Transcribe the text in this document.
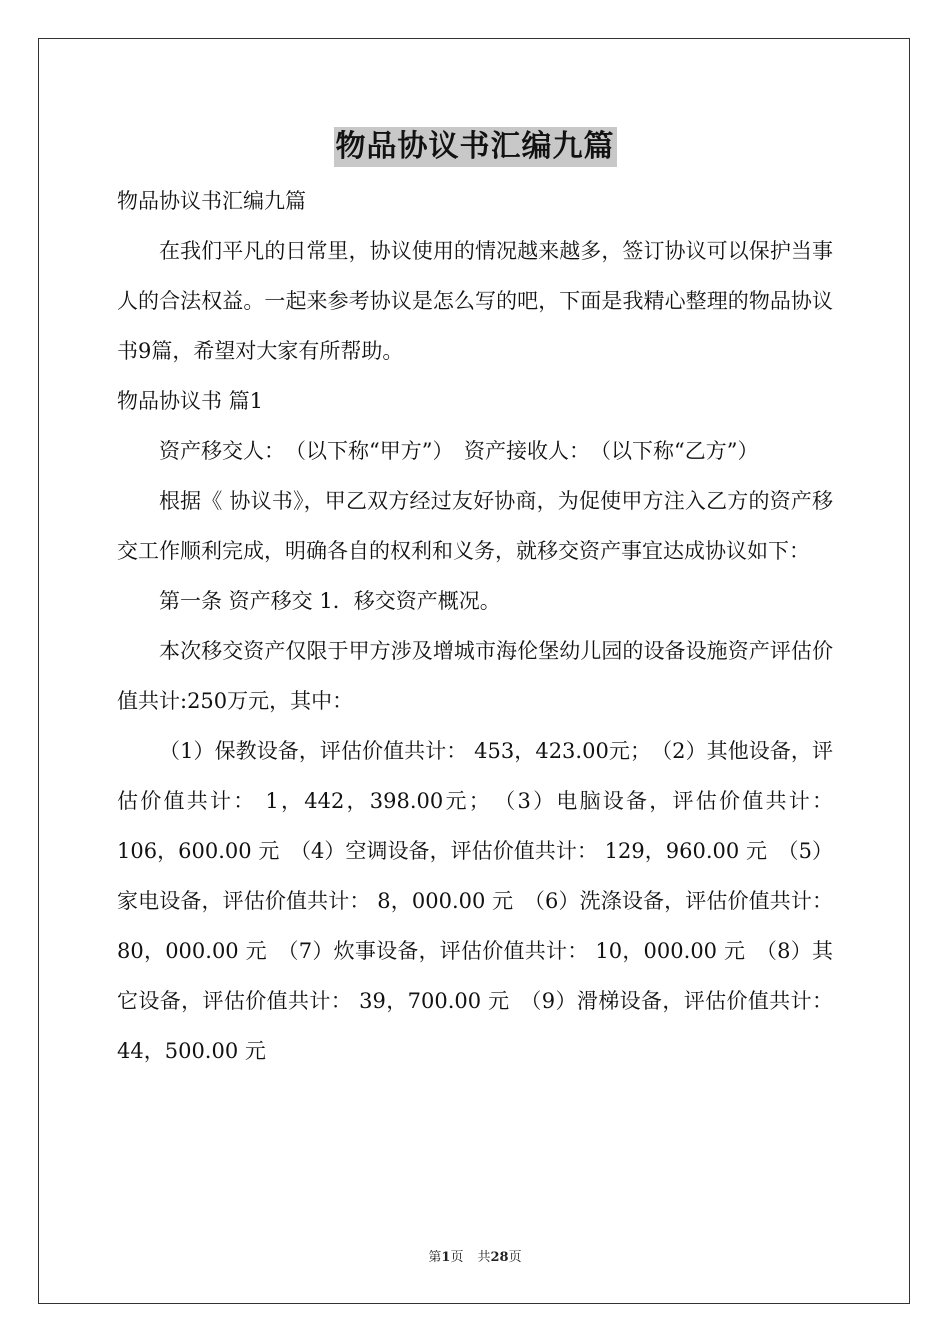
物品协议书汇编九篇

物品协议书汇编九篇

在我们平凡的日常里，协议使用的情况越来越多，签订协议可以保护当事人的合法权益。一起来参考协议是怎么写的吧，下面是我精心整理的物品协议书9篇，希望对大家有所帮助。

物品协议书 篇1

资产移交人：　（以下称“甲方”）　资产接收人：　（以下称“乙方”）

根据《 协议书》，甲乙双方经过友好协商，为促使甲方注入乙方的资产移交工作顺利完成，明确各自的权利和义务，就移交资产事宜达成协议如下：

第一条 资产移交 1．移交资产概况。

本次移交资产仅限于甲方涉及增城市海伦堡幼儿园的设备设施资产评估价值共计:250万元，其中：

（1）保教设备，评估价值共计： 453，423.00元；　（2）其他设备，评估价值共计： 1，442，398.00元；　（3）电脑设备，评估价值共计： 106，600.00 元　（4）空调设备，评估价值共计： 129，960.00 元　（5）家电设备，评估价值共计： 8，000.00 元　（6）洗涤设备，评估价值共计： 80，000.00 元　（7）炊事设备，评估价值共计： 10，000.00 元　（8）其它设备，评估价值共计： 39，700.00 元　（9）滑梯设备，评估价值共计： 44，500.00 元

第1页 共28页
